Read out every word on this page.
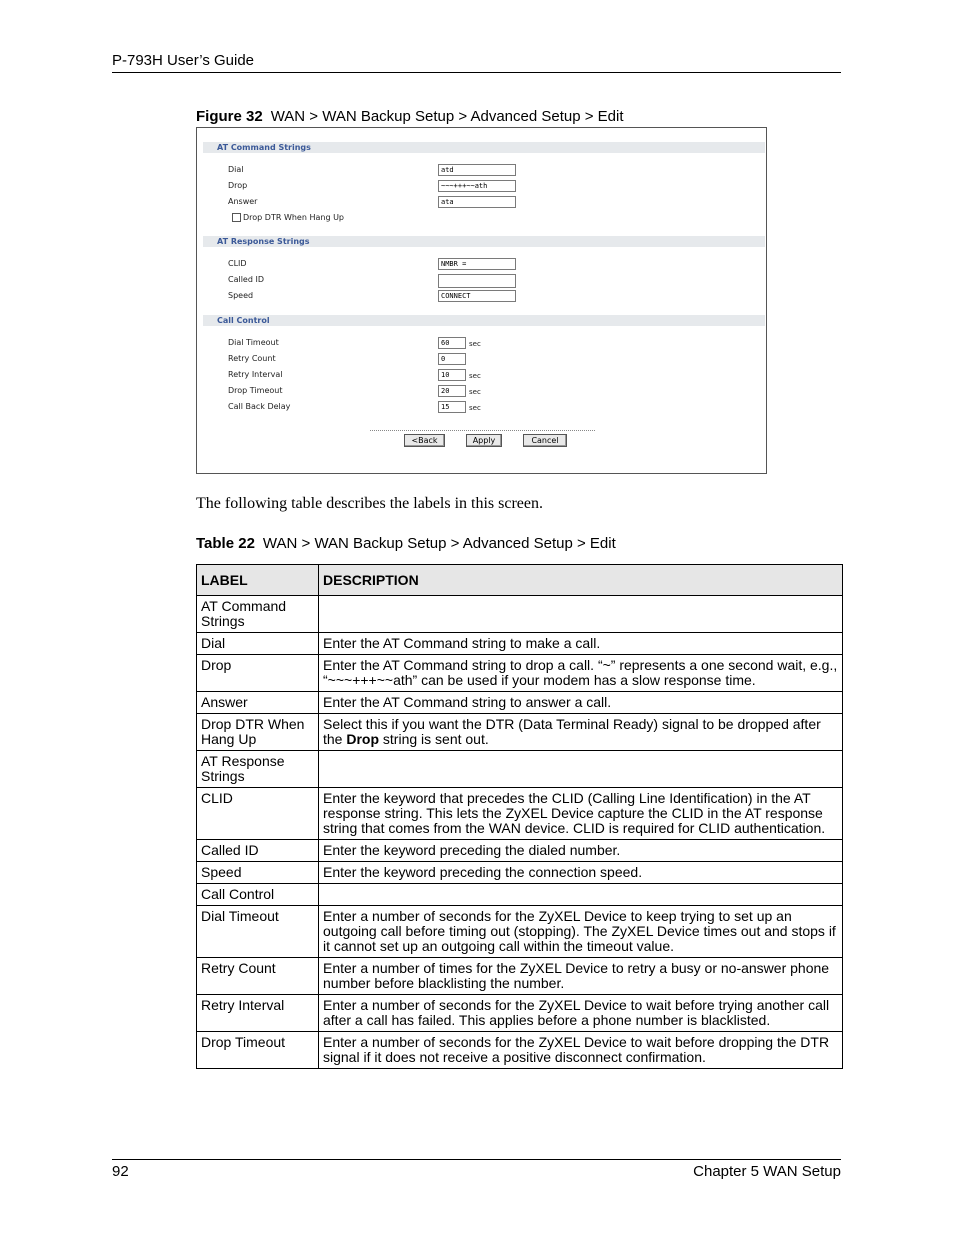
P-793H User’s Guide
Figure 32 WAN > WAN Backup Setup > Advanced Setup > Edit
AT Command Strings
Dial	atd
Drop	~~~+++~~ath
Answer	ata
Drop DTR When Hang Up
AT Response Strings
CLID	NMBR =
Called ID
Speed	CONNECT
Call Control
Dial Timeout	60	sec
Retry Count	0
Retry Interval	10	sec
Drop Timeout	20	sec
Call Back Delay	15	sec
<Back	Apply	Cancel
The following table describes the labels in this screen.
Table 22 WAN > WAN Backup Setup > Advanced Setup > Edit
LABEL	DESCRIPTION
AT Command Strings	
Dial	Enter the AT Command string to make a call.
Drop	Enter the AT Command string to drop a call. “~” represents a one second wait, e.g., “~~~+++~~ath” can be used if your modem has a slow response time.
Answer	Enter the AT Command string to answer a call.
Drop DTR When Hang Up	Select this if you want the DTR (Data Terminal Ready) signal to be dropped after the Drop string is sent out.
AT Response Strings	
CLID	Enter the keyword that precedes the CLID (Calling Line Identification) in the AT response string. This lets the ZyXEL Device capture the CLID in the AT response string that comes from the WAN device. CLID is required for CLID authentication.
Called ID	Enter the keyword preceding the dialed number.
Speed	Enter the keyword preceding the connection speed.
Call Control	
Dial Timeout	Enter a number of seconds for the ZyXEL Device to keep trying to set up an outgoing call before timing out (stopping). The ZyXEL Device times out and stops if it cannot set up an outgoing call within the timeout value.
Retry Count	Enter a number of times for the ZyXEL Device to retry a busy or no-answer phone number before blacklisting the number.
Retry Interval	Enter a number of seconds for the ZyXEL Device to wait before trying another call after a call has failed. This applies before a phone number is blacklisted.
Drop Timeout	Enter a number of seconds for the ZyXEL Device to wait before dropping the DTR signal if it does not receive a positive disconnect confirmation.
92	Chapter 5 WAN Setup
